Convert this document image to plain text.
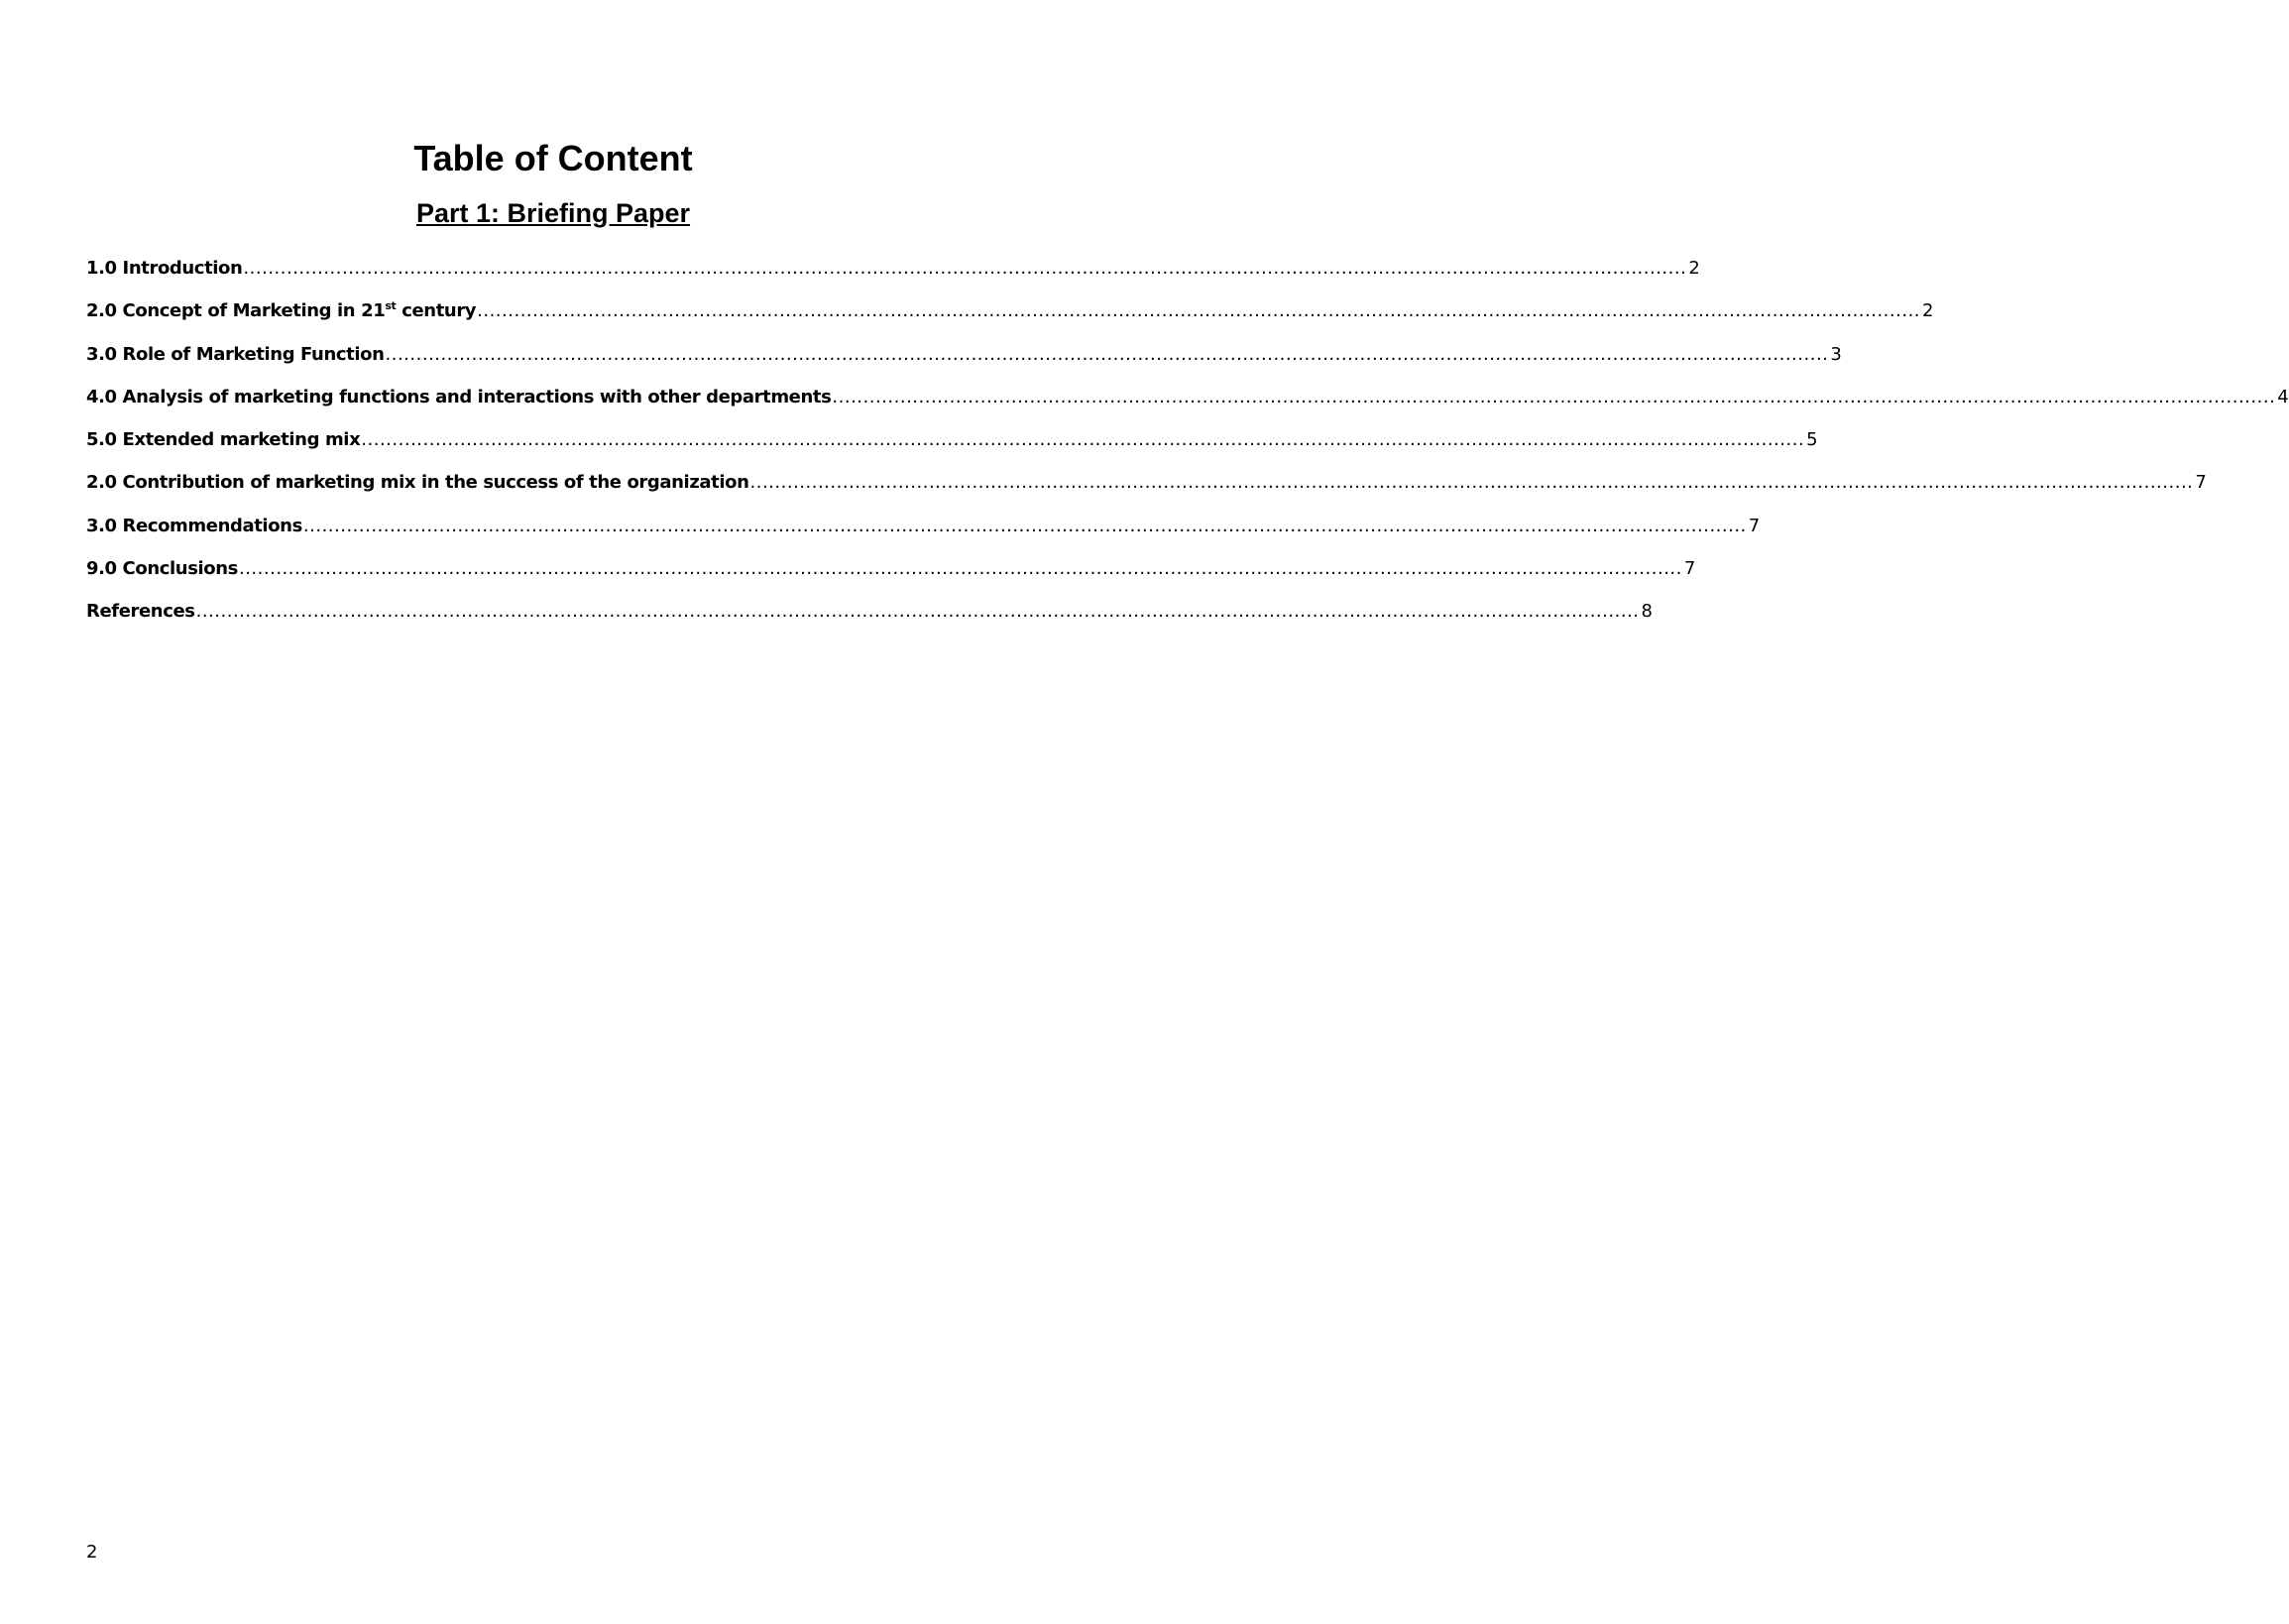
Table of Content
Part 1: Briefing Paper
1.0 Introduction .......................................................................................................................................................................................................................................... 2
2.0 Concept of Marketing in 21st century .......................................................................................................................................................................................................................................... 2
3.0 Role of Marketing Function .......................................................................................................................................................................................................................................... 3
4.0 Analysis of marketing functions and interactions with other departments .......................................................................................................................................................................................................................................... 4
5.0 Extended marketing mix .......................................................................................................................................................................................................................................... 5
2.0 Contribution of marketing mix in the success of the organization .......................................................................................................................................................................................................................................... 7
3.0 Recommendations .......................................................................................................................................................................................................................................... 7
9.0 Conclusions .......................................................................................................................................................................................................................................... 7
References .......................................................................................................................................................................................................................................... 8
2
